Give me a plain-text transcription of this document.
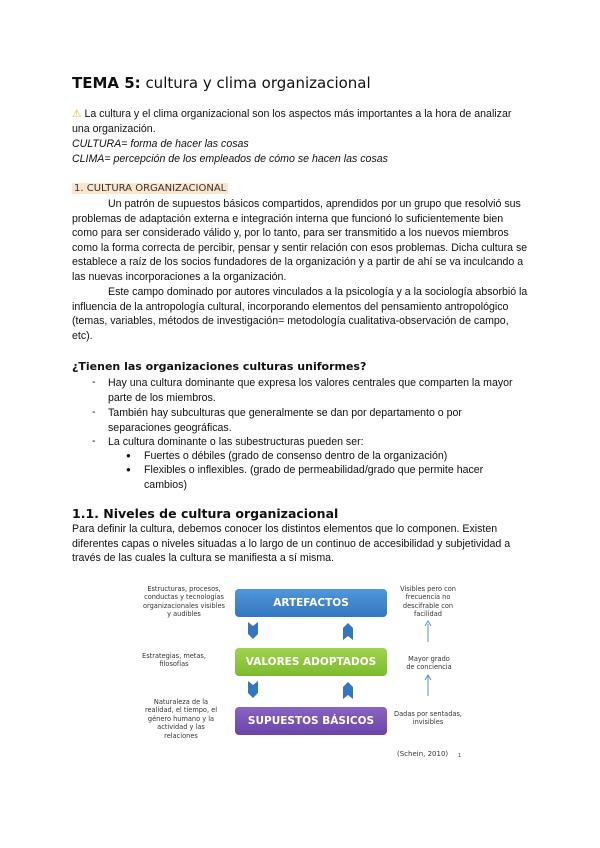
TEMA 5: cultura y clima organizacional
⚠ La cultura y el clima organizacional son los aspectos más importantes a la hora de analizar una organización.
CULTURA= forma de hacer las cosas
CLIMA= percepción de los empleados de cómo se hacen las cosas
1. CULTURA ORGANIZACIONAL
Un patrón de supuestos básicos compartidos, aprendidos por un grupo que resolvió sus problemas de adaptación externa e integración interna que funcionó lo suficientemente bien como para ser considerado válido y, por lo tanto, para ser transmitido a los nuevos miembros como la forma correcta de percibir, pensar y sentir relación con esos problemas. Dicha cultura se establece a raíz de los socios fundadores de la organización y a partir de ahí se va inculcando a las nuevas incorporaciones a la organización.
Este campo dominado por autores vinculados a la psicología y a la sociología absorbió la influencia de la antropología cultural, incorporando elementos del pensamiento antropológico (temas, variables, métodos de investigación= metodología cualitativa-observación de campo, etc).
¿Tienen las organizaciones culturas uniformes?
- Hay una cultura dominante que expresa los valores centrales que comparten la mayor parte de los miembros.
- También hay subculturas que generalmente se dan por departamento o por separaciones geográficas.
- La cultura dominante o las subestructuras pueden ser:
● Fuertes o débiles (grado de consenso dentro de la organización)
● Flexibles o inflexibles. (grado de permeabilidad/grado que permite hacer cambios)
1.1. Niveles de cultura organizacional
Para definir la cultura, debemos conocer los distintos elementos que lo componen. Existen diferentes capas o niveles situadas a lo largo de un continuo de accesibilidad y subjetividad a través de las cuales la cultura se manifiesta a sí misma.
Estructuras, procesos, conductas y tecnologías organizacionales visibles y audibles
Estrategias, metas, filosofías
Naturaleza de la realidad, el tiempo, el género humano y la actividad y las relaciones
ARTEFACTOS
VALORES ADOPTADOS
SUPUESTOS BÁSICOS
Visibles pero con frecuencia no descifrable con facilidad
Mayor grado de conciencia
Dadas por sentadas, invisibles
(Schein, 2010) 1
